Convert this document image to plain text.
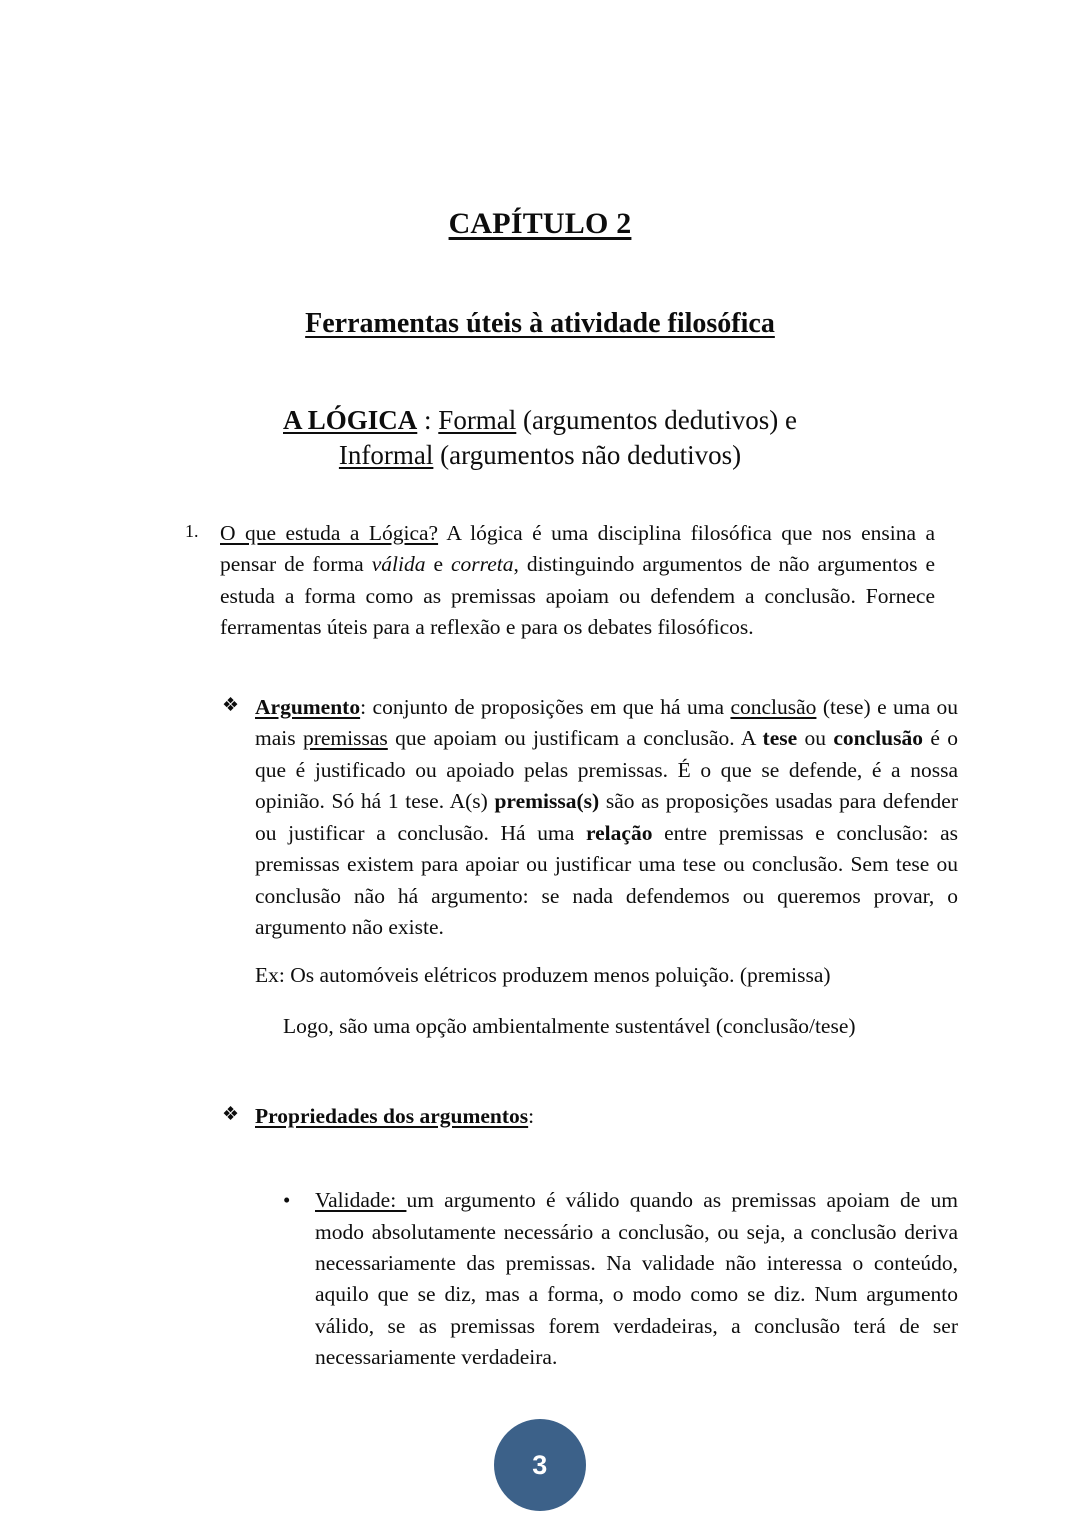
CAPÍTULO 2
Ferramentas úteis à atividade filosófica
A LÓGICA : Formal (argumentos dedutivos) e
Informal (argumentos não dedutivos)

1. O que estuda a Lógica? A lógica é uma disciplina filosófica que nos ensina a pensar de forma válida e correta, distinguindo argumentos de não argumentos e estuda a forma como as premissas apoiam ou defendem a conclusão. Fornece ferramentas úteis para a reflexão e para os debates filosóficos.

❖ Argumento: conjunto de proposições em que há uma conclusão (tese) e uma ou mais premissas que apoiam ou justificam a conclusão. A tese ou conclusão é o que é justificado ou apoiado pelas premissas. É o que se defende, é a nossa opinião. Só há 1 tese. A(s) premissa(s) são as proposições usadas para defender ou justificar a conclusão. Há uma relação entre premissas e conclusão: as premissas existem para apoiar ou justificar uma tese ou conclusão. Sem tese ou conclusão não há argumento: se nada defendemos ou queremos provar, o argumento não existe.

Ex: Os automóveis elétricos produzem menos poluição. (premissa)

Logo, são uma opção ambientalmente sustentável (conclusão/tese)

❖ Propriedades dos argumentos:

• Validade: um argumento é válido quando as premissas apoiam de um modo absolutamente necessário a conclusão, ou seja, a conclusão deriva necessariamente das premissas. Na validade não interessa o conteúdo, aquilo que se diz, mas a forma, o modo como se diz. Num argumento válido, se as premissas forem verdadeiras, a conclusão terá de ser necessariamente verdadeira.

3
